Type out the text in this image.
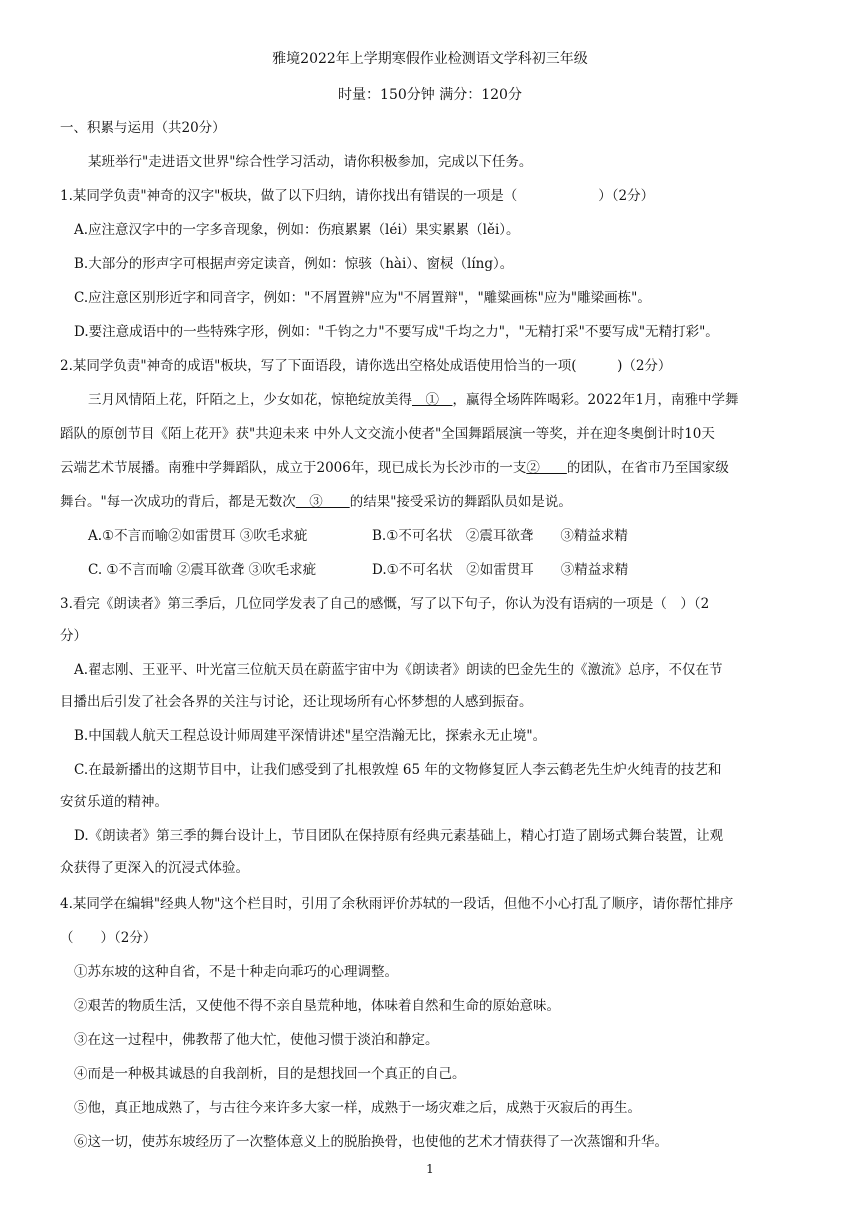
雅境2022年上学期寒假作业检测语文学科初三年级
时量：150分钟 满分：120分
一、积累与运用（共20分）
某班举行"走进语文世界"综合性学习活动，请你积极参加，完成以下任务。
1.某同学负责"神奇的汉字"板块，做了以下归纳，请你找出有错误的一项是（　　　　　　）（2分）
A.应注意汉字中的一字多音现象，例如：伤痕累累（léi）果实累累（lěi）。
B.大部分的形声字可根据声旁定读音，例如：惊骇（hài）、窗棂（líng）。
C.应注意区别形近字和同音字，例如："不屑置辨"应为"不屑置辩"，"雕粱画栋"应为"雕梁画栋"。
D.要注意成语中的一些特殊字形，例如："千钧之力"不要写成"千均之力"，"无精打采"不要写成"无精打彩"。
2.某同学负责"神奇的成语"板块，写了下面语段，请你选出空格处成语使用恰当的一项(　　　)（2分）
三月风情陌上花，阡陌之上，少女如花，惊艳绽放美得　①　，赢得全场阵阵喝彩。2022年1月，南雅中学舞
蹈队的原创节目《陌上花开》获"共迎未来 中外人文交流小使者"全国舞蹈展演一等奖，并在迎冬奥倒计时10天
云端艺术节展播。南雅中学舞蹈队，成立于2006年，现已成长为长沙市的一支②　　的团队，在省市乃至国家级
舞台。"每一次成功的背后，都是无数次　③　　的结果"接受采访的舞蹈队员如是说。
A.①不言而喻②如雷贯耳 ③吹毛求疵	B.①不可名状　②震耳欲聋　　③精益求精
C. ①不言而喻 ②震耳欲聋 ③吹毛求疵	D.①不可名状　②如雷贯耳　　③精益求精
3.看完《朗读者》第三季后，几位同学发表了自己的感慨，写了以下句子，你认为没有语病的一项是（　）（2
分）
A.翟志刚、王亚平、叶光富三位航天员在蔚蓝宇宙中为《朗读者》朗读的巴金先生的《激流》总序，不仅在节
目播出后引发了社会各界的关注与讨论，还让现场所有心怀梦想的人感到振奋。
B.中国载人航天工程总设计师周建平深情讲述"星空浩瀚无比，探索永无止境"。
C.在最新播出的这期节目中，让我们感受到了扎根敦煌 65 年的文物修复匠人李云鹤老先生炉火纯青的技艺和
安贫乐道的精神。
D.《朗读者》第三季的舞台设计上，节目团队在保持原有经典元素基础上，精心打造了剧场式舞台装置，让观
众获得了更深入的沉浸式体验。
4.某同学在编辑"经典人物"这个栏目时，引用了余秋雨评价苏轼的一段话，但他不小心打乱了顺序，请你帮忙排序
（　　）（2分）
①苏东坡的这种自省，不是十种走向乖巧的心理调整。
②艰苦的物质生活，又使他不得不亲自垦荒种地，体味着自然和生命的原始意味。
③在这一过程中，佛教帮了他大忙，使他习惯于淡泊和静定。
④而是一种极其诚恳的自我剖析，目的是想找回一个真正的自己。
⑤他，真正地成熟了，与古往今来许多大家一样，成熟于一场灾难之后，成熟于灭寂后的再生。
⑥这一切，使苏东坡经历了一次整体意义上的脱胎换骨，也使他的艺术才情获得了一次蒸馏和升华。
1
